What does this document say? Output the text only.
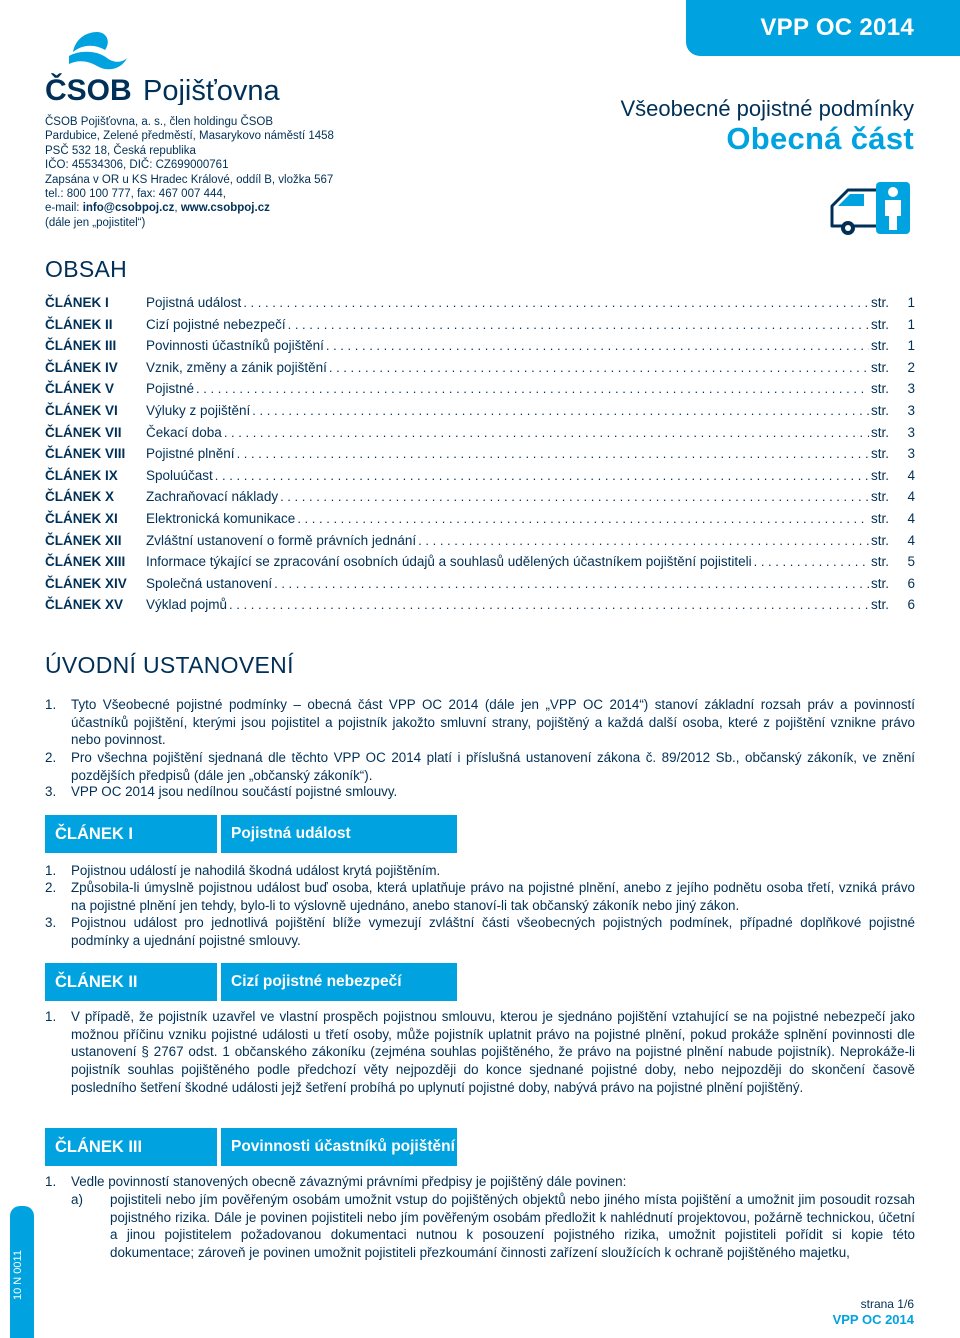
ČSOB Pojišťovna
ČSOB Pojišťovna, a. s., člen holdingu ČSOB
Pardubice, Zelené předměstí, Masarykovo náměstí 1458
PSČ 532 18, Česká republika
IČO: 45534306, DIČ: CZ699000761
Zapsána v OR u KS Hradec Králové, oddíl B, vložka 567
tel.: 800 100 777, fax: 467 007 444,
e-mail: info@csobpoj.cz, www.csobpoj.cz
(dále jen „pojistitel“)
VPP OC 2014
Všeobecné pojistné podmínky
Obecná část
OBSAH
ČLÁNEK I	Pojistná událost . . .	str. 1
ČLÁNEK II	Cizí pojistné nebezpečí . . .	str. 1
ČLÁNEK III	Povinnosti účastníků pojištění . . .	str. 1
ČLÁNEK IV	Vznik, změny a zánik pojištění . . .	str. 2
ČLÁNEK V	Pojistné . . .	str. 3
ČLÁNEK VI	Výluky z pojištění . . .	str. 3
ČLÁNEK VII	Čekací doba . . .	str. 3
ČLÁNEK VIII	Pojistné plnění . . .	str. 3
ČLÁNEK IX	Spoluúčast . . .	str. 4
ČLÁNEK X	Zachraňovací náklady . . .	str. 4
ČLÁNEK XI	Elektronická komunikace . . .	str. 4
ČLÁNEK XII	Zvláštní ustanovení o formě právních jednání . . .	str. 4
ČLÁNEK XIII	Informace týkající se zpracování osobních údajů a souhlasů udělených účastníkem pojištění pojistiteli . . .	str. 5
ČLÁNEK XIV	Společná ustanovení . . .	str. 6
ČLÁNEK XV	Výklad pojmů . . .	str. 6
ÚVODNÍ USTANOVENÍ
1.	Tyto Všeobecné pojistné podmínky – obecná část VPP OC 2014 (dále jen „VPP OC 2014“) stanoví základní rozsah práv a povinností účastníků pojištění, kterými jsou pojistitel a pojistník jakožto smluvní strany, pojištěný a každá další osoba, které z pojištění vznikne právo nebo povinnost.
2.	Pro všechna pojištění sjednaná dle těchto VPP OC 2014 platí i příslušná ustanovení zákona č. 89/2012 Sb., občanský zákoník, ve znění pozdějších předpisů (dále jen „občanský zákoník“).
3.	VPP OC 2014 jsou nedílnou součástí pojistné smlouvy.
ČLÁNEK I	Pojistná událost
1.	Pojistnou událostí je nahodilá škodná událost krytá pojištěním.
2.	Způsobila-li úmyslně pojistnou událost buď osoba, která uplatňuje právo na pojistné plnění, anebo z jejího podnětu osoba třetí, vzniká právo na pojistné plnění jen tehdy, bylo-li to výslovně ujednáno, anebo stanoví-li tak občanský zákoník nebo jiný zákon.
3.	Pojistnou událost pro jednotlivá pojištění blíže vymezují zvláštní části všeobecných pojistných podmínek, případné doplňkové pojistné podmínky a ujednání pojistné smlouvy.
ČLÁNEK II	Cizí pojistné nebezpečí
1.	V případě, že pojistník uzavřel ve vlastní prospěch pojistnou smlouvu, kterou je sjednáno pojištění vztahující se na pojistné nebezpečí jako možnou příčinu vzniku pojistné události u třetí osoby, může pojistník uplatnit právo na pojistné plnění, pokud prokáže splnění povinnosti dle ustanovení § 2767 odst. 1 občanského zákoníku (zejména souhlas pojištěného, že právo na pojistné plnění nabude pojistník). Neprokáže-li pojistník souhlas pojištěného podle předchozí věty nejpozději do konce sjednané pojistné doby, nebo nejpozději do skončení časově posledního šetření škodné události jejž šetření probíhá po uplynutí pojistné doby, nabývá právo na pojistné plnění pojištěný.
ČLÁNEK III	Povinnosti účastníků pojištění
1.	Vedle povinností stanovených obecně závaznými právními předpisy je pojištěný dále povinen:
a)	pojistiteli nebo jím pověřeným osobám umožnit vstup do pojištěných objektů nebo jiného místa pojištění a umožnit jim posoudit rozsah pojistného rizika. Dále je povinen pojistiteli nebo jím pověřeným osobám předložit k nahlédnutí projektovou, požárně technickou, účetní a jinou pojistitelem požadovanou dokumentaci nutnou k posouzení pojistného rizika, umožnit pojistiteli pořídit si kopie této dokumentace; zároveň je povinen umožnit pojistiteli přezkoumání činnosti zařízení sloužících k ochraně pojištěného majetku,
10 N 0011
strana 1/6
VPP OC 2014
